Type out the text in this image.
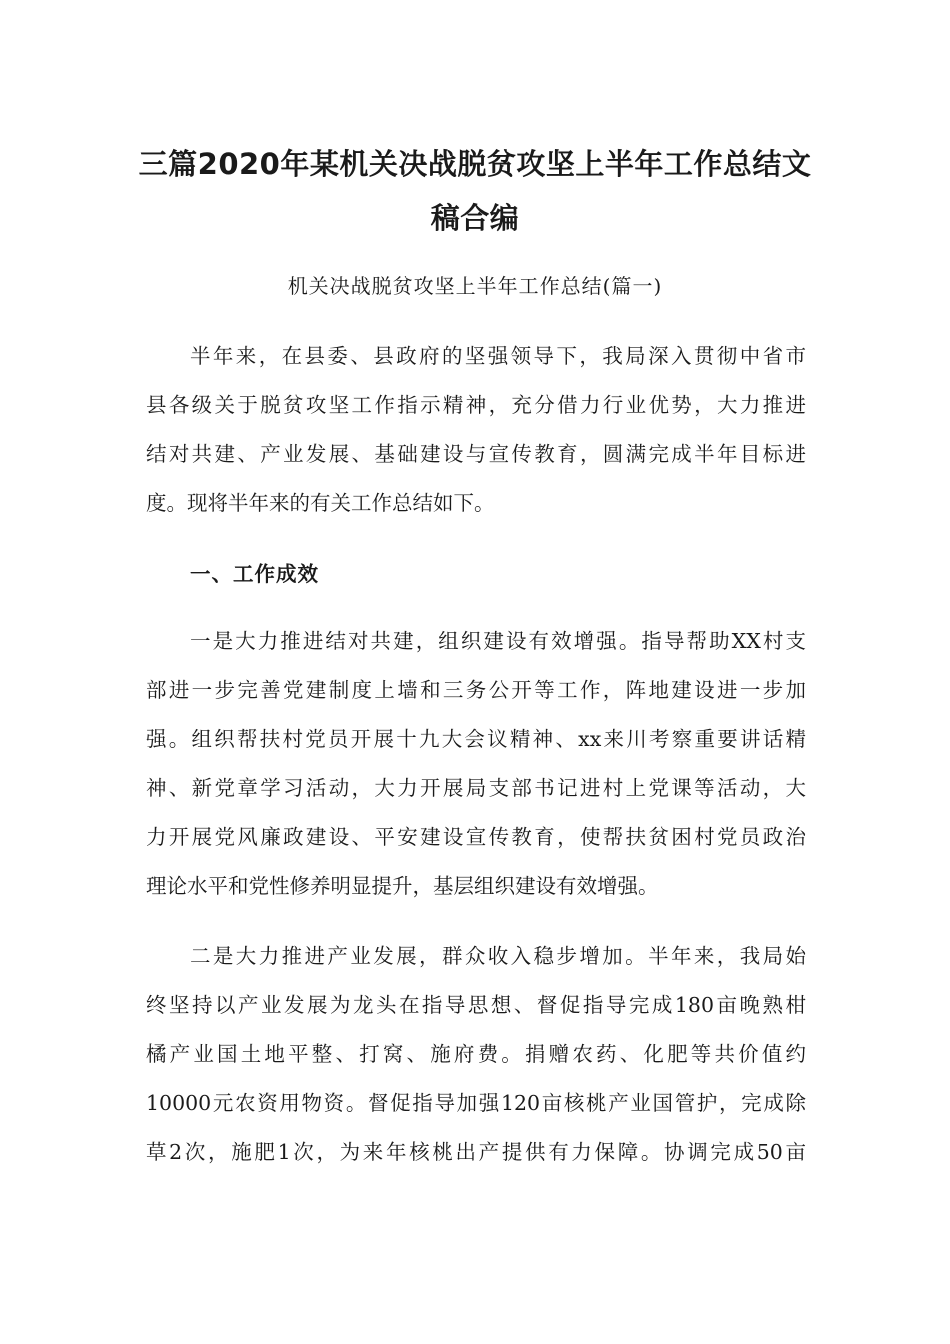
三篇2020年某机关决战脱贫攻坚上半年工作总结文
稿合编
机关决战脱贫攻坚上半年工作总结(篇一)
半年来，在县委、县政府的坚强领导下，我局深入贯彻中省市
县各级关于脱贫攻坚工作指示精神，充分借力行业优势，大力推进
结对共建、产业发展、基础建设与宣传教育，圆满完成半年目标进
度。现将半年来的有关工作总结如下。
一、工作成效
一是大力推进结对共建，组织建设有效增强。指导帮助XX村支
部进一步完善党建制度上墙和三务公开等工作，阵地建设进一步加
强。组织帮扶村党员开展十九大会议精神、xx来川考察重要讲话精
神、新党章学习活动，大力开展局支部书记进村上党课等活动，大
力开展党风廉政建设、平安建设宣传教育，使帮扶贫困村党员政治
理论水平和党性修养明显提升，基层组织建设有效增强。
二是大力推进产业发展，群众收入稳步增加。半年来，我局始
终坚持以产业发展为龙头在指导思想、督促指导完成180亩晚熟柑
橘产业国土地平整、打窝、施府费。捐赠农药、化肥等共价值约
10000元农资用物资。督促指导加强120亩核桃产业国管护，完成除
草2次，施肥1次，为来年核桃出产提供有力保障。协调完成50亩
